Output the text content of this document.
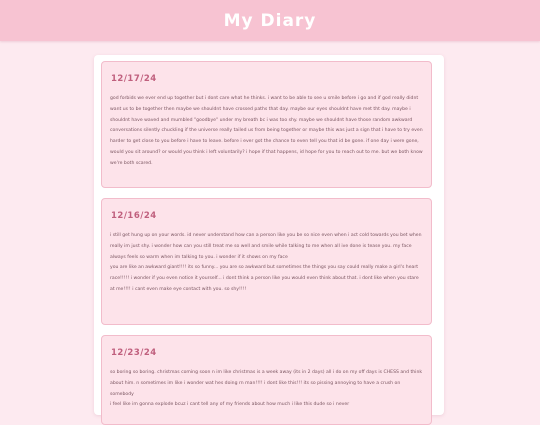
My Diary
12/17/24

god forbids we ever end up together but i dont care what he thinks. i want to be able to see u smile before i go and if god really didnt want us to be together then maybe we shouldnt have crossed paths that day. maybe our eyes shouldnt have met tht day. maybe i shouldnt have waved and mumbled "goodbye" under my breath bc i was too shy. maybe we shouldnt have those random awkward conversations silently chuckling if the universe really tailed us from being together or maybe this was just a sign that i have to try even harder to get close to you before i have to leave. before i ever got the chance to even tell you that id be gone. if one day i were gone, would you sit around? or would you think i left voluntarily? i hope if that happens, id hope for you to reach out to me. but we both know we're both scared.

12/16/24

i still get hung up on your words. id never understand how can a person like you be so nice even when i act cold towards you bet when really im just shy. i wonder how can you still treat me so well and smile while talking to me when all ive done is tease you. my face always feels so warm when im talking to you. i wonder if it shows on my face

you are like an awkward giant!!!! its so funny... you are so awkward but sometimes the things you say could really make a girl's heart race!!!!! i wonder if you even notice it yourself... i dont think a person like you would even think about that. i dont like when you stare at me!!!! i cant even make eye contact with you. so shy!!!!

12/23/24

so boring so boring. christmas coming soon n im like christmas is a week away (its in 2 days) all i do on my off days is CHESS and think about him. n sometimes im like i wonder wat hes doing rn man!!!! i dont like this!!! its so pissing annoying to have a crush on somebody

i feel like im gonna explode bcuz i cant tell any of my friends about how much i like this dude so i never
